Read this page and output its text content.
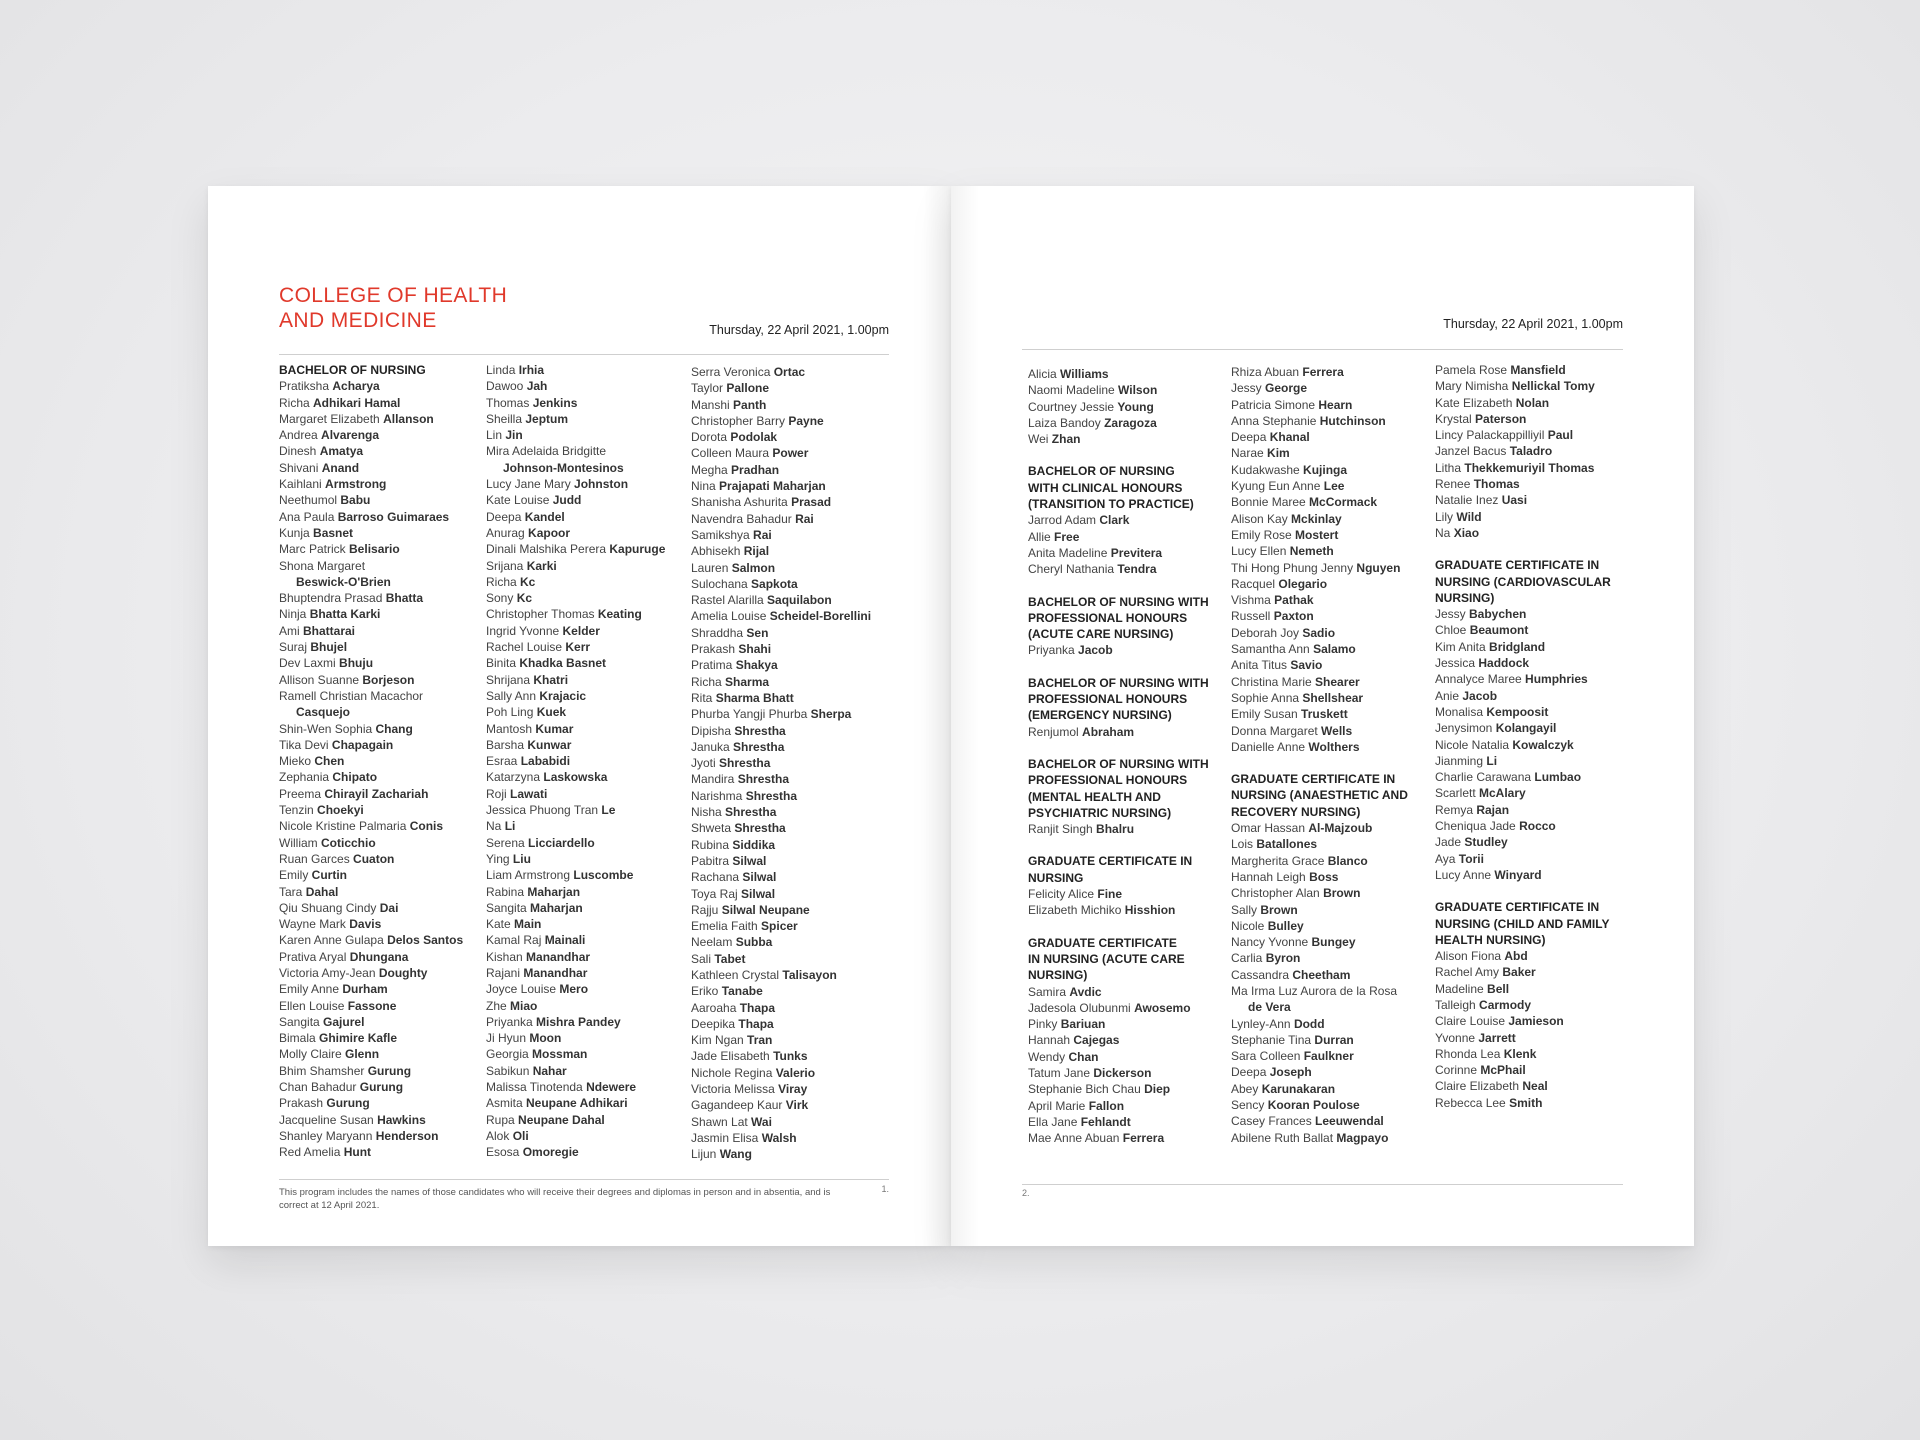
COLLEGE OF HEALTH
AND MEDICINE	Thursday, 22 April 2021, 1.00pm
BACHELOR OF NURSING
Pratiksha Acharya
Richa Adhikari Hamal
Margaret Elizabeth Allanson
Andrea Alvarenga
Dinesh Amatya
Shivani Anand
Kaihlani Armstrong
Neethumol Babu
Ana Paula Barroso Guimaraes
Kunja Basnet
Marc Patrick Belisario
Shona Margaret
Beswick-O'Brien
Bhuptendra Prasad Bhatta
Ninja Bhatta Karki
Ami Bhattarai
Suraj Bhujel
Dev Laxmi Bhuju
Allison Suanne Borjeson
Ramell Christian Macachor
Casquejo
Shin-Wen Sophia Chang
Tika Devi Chapagain
Mieko Chen
Zephania Chipato
Preema Chirayil Zachariah
Tenzin Choekyi
Nicole Kristine Palmaria Conis
William Coticchio
Ruan Garces Cuaton
Emily Curtin
Tara Dahal
Qiu Shuang Cindy Dai
Wayne Mark Davis
Karen Anne Gulapa Delos Santos
Prativa Aryal Dhungana
Victoria Amy-Jean Doughty
Emily Anne Durham
Ellen Louise Fassone
Sangita Gajurel
Bimala Ghimire Kafle
Molly Claire Glenn
Bhim Shamsher Gurung
Chan Bahadur Gurung
Prakash Gurung
Jacqueline Susan Hawkins
Shanley Maryann Henderson
Red Amelia Hunt
Linda Irhia
Dawoo Jah
Thomas Jenkins
Sheilla Jeptum
Lin Jin
Mira Adelaida Bridgitte
Johnson-Montesinos
Lucy Jane Mary Johnston
Kate Louise Judd
Deepa Kandel
Anurag Kapoor
Dinali Malshika Perera Kapuruge
Srijana Karki
Richa Kc
Sony Kc
Christopher Thomas Keating
Ingrid Yvonne Kelder
Rachel Louise Kerr
Binita Khadka Basnet
Shrijana Khatri
Sally Ann Krajacic
Poh Ling Kuek
Mantosh Kumar
Barsha Kunwar
Esraa Lababidi
Katarzyna Laskowska
Roji Lawati
Jessica Phuong Tran Le
Na Li
Serena Licciardello
Ying Liu
Liam Armstrong Luscombe
Rabina Maharjan
Sangita Maharjan
Kate Main
Kamal Raj Mainali
Kishan Manandhar
Rajani Manandhar
Joyce Louise Mero
Zhe Miao
Priyanka Mishra Pandey
Ji Hyun Moon
Georgia Mossman
Sabikun Nahar
Malissa Tinotenda Ndewere
Asmita Neupane Adhikari
Rupa Neupane Dahal
Alok Oli
Esosa Omoregie
Serra Veronica Ortac
Taylor Pallone
Manshi Panth
Christopher Barry Payne
Dorota Podolak
Colleen Maura Power
Megha Pradhan
Nina Prajapati Maharjan
Shanisha Ashurita Prasad
Navendra Bahadur Rai
Samikshya Rai
Abhisekh Rijal
Lauren Salmon
Sulochana Sapkota
Rastel Alarilla Saquilabon
Amelia Louise Scheidel-Borellini
Shraddha Sen
Prakash Shahi
Pratima Shakya
Richa Sharma
Rita Sharma Bhatt
Phurba Yangji Phurba Sherpa
Dipisha Shrestha
Januka Shrestha
Jyoti Shrestha
Mandira Shrestha
Narishma Shrestha
Nisha Shrestha
Shweta Shrestha
Rubina Siddika
Pabitra Silwal
Rachana Silwal
Toya Raj Silwal
Rajju Silwal Neupane
Emelia Faith Spicer
Neelam Subba
Sali Tabet
Kathleen Crystal Talisayon
Eriko Tanabe
Aaroaha Thapa
Deepika Thapa
Kim Ngan Tran
Jade Elisabeth Tunks
Nichole Regina Valerio
Victoria Melissa Viray
Gagandeep Kaur Virk
Shawn Lat Wai
Jasmin Elisa Walsh
Lijun Wang
This program includes the names of those candidates who will receive their degrees and diplomas in person and in absentia, and is correct at 12 April 2021.
1.
Thursday, 22 April 2021, 1.00pm
Alicia Williams
Naomi Madeline Wilson
Courtney Jessie Young
Laiza Bandoy Zaragoza
Wei Zhan
BACHELOR OF NURSING
WITH CLINICAL HONOURS
(TRANSITION TO PRACTICE)
Jarrod Adam Clark
Allie Free
Anita Madeline Previtera
Cheryl Nathania Tendra
BACHELOR OF NURSING WITH
PROFESSIONAL HONOURS
(ACUTE CARE NURSING)
Priyanka Jacob
BACHELOR OF NURSING WITH
PROFESSIONAL HONOURS
(EMERGENCY NURSING)
Renjumol Abraham
BACHELOR OF NURSING WITH
PROFESSIONAL HONOURS
(MENTAL HEALTH AND
PSYCHIATRIC NURSING)
Ranjit Singh Bhalru
GRADUATE CERTIFICATE IN
NURSING
Felicity Alice Fine
Elizabeth Michiko Hisshion
GRADUATE CERTIFICATE
IN NURSING (ACUTE CARE
NURSING)
Samira Avdic
Jadesola Olubunmi Awosemo
Pinky Bariuan
Hannah Cajegas
Wendy Chan
Tatum Jane Dickerson
Stephanie Bich Chau Diep
April Marie Fallon
Ella Jane Fehlandt
Mae Anne Abuan Ferrera
Rhiza Abuan Ferrera
Jessy George
Patricia Simone Hearn
Anna Stephanie Hutchinson
Deepa Khanal
Narae Kim
Kudakwashe Kujinga
Kyung Eun Anne Lee
Bonnie Maree McCormack
Alison Kay Mckinlay
Emily Rose Mostert
Lucy Ellen Nemeth
Thi Hong Phung Jenny Nguyen
Racquel Olegario
Vishma Pathak
Russell Paxton
Deborah Joy Sadio
Samantha Ann Salamo
Anita Titus Savio
Christina Marie Shearer
Sophie Anna Shellshear
Emily Susan Truskett
Donna Margaret Wells
Danielle Anne Wolthers
GRADUATE CERTIFICATE IN
NURSING (ANAESTHETIC AND
RECOVERY NURSING)
Omar Hassan Al-Majzoub
Lois Batallones
Margherita Grace Blanco
Hannah Leigh Boss
Christopher Alan Brown
Sally Brown
Nicole Bulley
Nancy Yvonne Bungey
Carlia Byron
Cassandra Cheetham
Ma Irma Luz Aurora de la Rosa
de Vera
Lynley-Ann Dodd
Stephanie Tina Durran
Sara Colleen Faulkner
Deepa Joseph
Abey Karunakaran
Sency Kooran Poulose
Casey Frances Leeuwendal
Abilene Ruth Ballat Magpayo
Pamela Rose Mansfield
Mary Nimisha Nellickal Tomy
Kate Elizabeth Nolan
Krystal Paterson
Lincy Palackappilliyil Paul
Janzel Bacus Taladro
Litha Thekkemuriyil Thomas
Renee Thomas
Natalie Inez Uasi
Lily Wild
Na Xiao
GRADUATE CERTIFICATE IN
NURSING (CARDIOVASCULAR
NURSING)
Jessy Babychen
Chloe Beaumont
Kim Anita Bridgland
Jessica Haddock
Annalyce Maree Humphries
Anie Jacob
Monalisa Kempoosit
Jenysimon Kolangayil
Nicole Natalia Kowalczyk
Jianming Li
Charlie Carawana Lumbao
Scarlett McAlary
Remya Rajan
Cheniqua Jade Rocco
Jade Studley
Aya Torii
Lucy Anne Winyard
GRADUATE CERTIFICATE IN
NURSING (CHILD AND FAMILY
HEALTH NURSING)
Alison Fiona Abd
Rachel Amy Baker
Madeline Bell
Talleigh Carmody
Claire Louise Jamieson
Yvonne Jarrett
Rhonda Lea Klenk
Corinne McPhail
Claire Elizabeth Neal
Rebecca Lee Smith
2.
